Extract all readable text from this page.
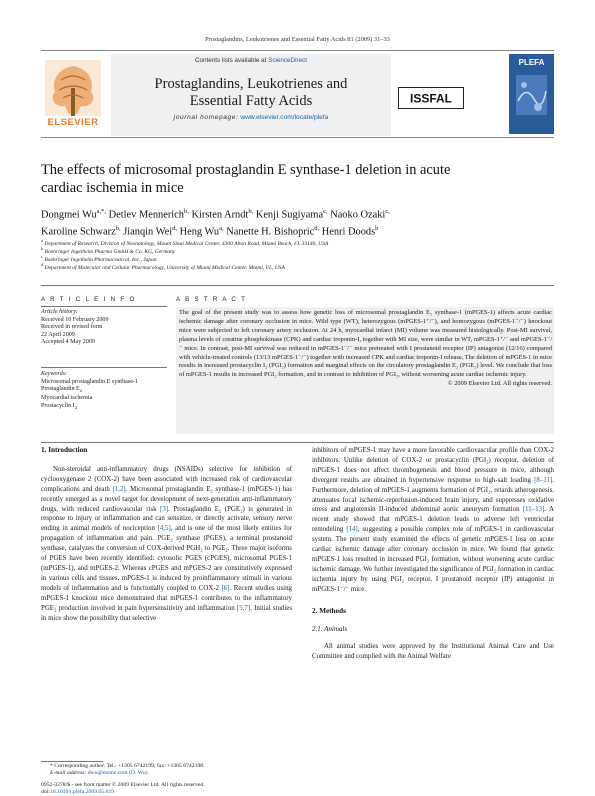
Prostaglandins, Leukotrienes and Essential Fatty Acids 81 (2009) 31–33
ELSEVIER
Contents lists available at ScienceDirect
Prostaglandins, Leukotrienes and
Essential Fatty Acids
journal homepage: www.elsevier.com/locate/plefa
ISSFAL
PLEFA
The effects of microsomal prostaglandin E synthase-1 deletion in acute
cardiac ischemia in mice
Dongmei $Wu^{a,*,}$ Detlev Mennerich$^{b,}$ Kirsten Arndt$^{b,}$ Kenji Sugiyama$^{c,}$ Naoko Ozaki$^{c,}$
Karoline Schwarz$^{b,}$ Jianqin Wei$^{d,}$ Heng $Wu^{a,}$ Nanette H. Bishopric$^{d,}$ Henri Doods$^b$
$^a$ Department of Research, Division of Neonatology, Mount Sinai Medical Center, 4300 Alton Road, Miami Beach, FL 33140, USA
$^b$ Boehringer Ingelheim Pharma GmbH & Co. KG, Germany
$^c$ Boehringer Ingelheim Pharmaceutical, Inc., Japan
$^d$ Department of Molecular and Cellular Pharmacology, University of Miami Medical Center, Miami, FL, USA
A R T I C L E I N F O	A B S T R A C T
Article history:
Received 10 February 2009
Received in revised form
22 April 2009
Accepted 4 May 2009
Keywords:
Microsomal prostaglandin E synthase-1
Prostaglandin $E_2$
Myocardial ischemia
Prostacyclin $I_2$
The goal of the present study was to assess how genetic loss of microsomal prostaglandin E₂ synthase-1 (mPGES-1) affects acute cardiac ischemic damage after coronary occlusion in mice. Wild type (WT), heterozygous (mPGES-1⁺/⁻), and homozygous (mPGES-1⁻/⁻) knockout mice were subjected to left coronary artery occlusion. At 24 h, myocardial infarct (MI) volume was measured histologically. Post-MI survival, plasma levels of creatine phosphokinase (CPK) and cardiac troponin-I, together with MI size, were similar in WT, mPGES-1⁺/⁻ and mPGES-1⁻/⁻ mice. In contrast, post-MI survival was reduced in mPGES-1⁻/⁻ mice pretreated with I prostanoid receptor (IP) antagonist (12/16) compared with vehicle-treated controls (13/13 mPGES-1⁻/⁻) together with increased CPK and cardiac troponin-I release. The deletion of mPGES-1 in mice results in increased prostacyclin I₂ (PGI₂) formation and marginal effects on the circulatory prostaglandin E₂ (PGE₂) level. We conclude that loss of mPGES-1 results in increased PGI₂ formation, and in contrast to inhibition of PGI₂, without worsening acute cardiac ischemic injury.
© 2009 Elsevier Ltd. All rights reserved.
1. Introduction

Non-steroidal anti-inflammatory drugs (NSAIDs) selective for inhibition of cyclooxygenase 2 (COX-2) have been associated with increased risk of cardiovascular complications and death [1,2]. Microsomal prostaglandin E₂ synthase-1 (mPGES-1) has recently emerged as a novel target for development of next-generation anti-inflammatory drugs, with reduced cardiovascular risk [3]. Prostaglandin E₂ (PGE₂) is generated in response to injury or inflammation and can sensitize, or directly activate, sensory nerve ending in animal models of nociception [4,5], and is one of the most likely entities for propagation of inflammation and pain. PGE₂ synthase (PGES), a terminal prostanoid synthase, catalyzes the conversion of COX-derived PGH₂ to PGE₂. Three major isoforms of PGES have been recently identified: cytosolic PGES (cPGES), microsomal PGES-1 (mPGES-1), and mPGES-2. Whereas cPGES and mPGES-2 are constitutively expressed in various cells and tissues, mPGES-1 is induced by proinflammatory stimuli in various models of inflammation and is functionally coupled to COX-2 [6]. Recent studies using mPGES-1 knockout mice demonstrated that mPGES-1 contributes to the inflammatory PGE₂ production involved in pain hypersensitivity and inflammation [5,7]. Initial studies in mice show the possibility that selective

inhibitors of mPGES-1 may have a more favorable cardiovascular profile than COX-2 inhibitors. Unlike deletion of COX-2 or prostacyclin (PGI₂) receptor, deletion of mPGES-1 does not affect thrombogenesis and blood pressure in mice, although divergent results are obtained in hypertensive response to high-salt loading [8–11]. Furthermore, deletion of mPGES-1 augments formation of PGI₂, retards atherogenesis, attenuates focal ischemic-reperfusion-induced brain injury, and suppresses oxidative stress and angiotensin II-induced abdominal aortic aneurysm formation [11–13]. A recent study showed that mPGES-1 deletion leads to adverse left ventricular remodeling [14], suggesting a possible complex role of mPGES-1 in cardiovascular system. The present study examined the effects of genetic mPGES-1 loss on acute cardiac ischemic damage after coronary occlusion in mice. We found that genetic mPGES-1 loss resulted in increased PGI₂ formation, without worsening acute cardiac ischemic damage. We further investigated the significance of PGI₂ formation in cardiac ischemia injury by using PGI₂ receptor, I prostanoid receptor (IP) antagonist in mPGES-1⁻/⁻ mice.

2. Methods
2.1. Animals

All animal studies were approved by the Institutional Animal Care and Use Committee and complied with the Animal Welfare

* Corresponding author. Tel.: +1305 6742199; fax: +1305 6742198.
E-mail address: dwu@msmc.com (D. Wu).
0952-3278/$ - see front matter © 2009 Elsevier Ltd. All rights reserved.
doi:10.1016/j.plefa.2009.05.019
